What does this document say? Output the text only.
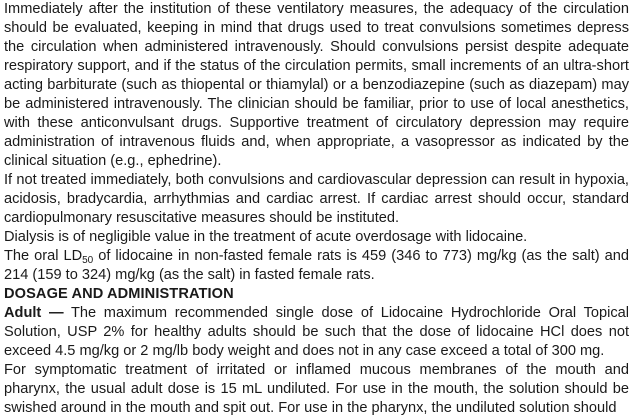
Immediately after the institution of these ventilatory measures, the adequacy of the circulation should be evaluated, keeping in mind that drugs used to treat convulsions sometimes depress the circulation when administered intravenously. Should convulsions persist despite adequate respiratory support, and if the status of the circulation permits, small increments of an ultra-short acting barbiturate (such as thiopental or thiamylal) or a benzodiazepine (such as diazepam) may be administered intravenously. The clinician should be familiar, prior to use of local anesthetics, with these anticonvulsant drugs. Supportive treatment of circulatory depression may require administration of intravenous fluids and, when appropriate, a vasopressor as indicated by the clinical situation (e.g., ephedrine).

If not treated immediately, both convulsions and cardiovascular depression can result in hypoxia, acidosis, bradycardia, arrhythmias and cardiac arrest. If cardiac arrest should occur, standard cardiopulmonary resuscitative measures should be instituted.

Dialysis is of negligible value in the treatment of acute overdosage with lidocaine.

The oral $LD_{50}$ of lidocaine in non-fasted female rats is 459 (346 to 773) mg/kg (as the salt) and 214 (159 to 324) mg/kg (as the salt) in fasted female rats.

DOSAGE AND ADMINISTRATION

Adult — The maximum recommended single dose of Lidocaine Hydrochloride Oral Topical Solution, USP 2% for healthy adults should be such that the dose of lidocaine HCl does not exceed 4.5 mg/kg or 2 mg/lb body weight and does not in any case exceed a total of 300 mg.

For symptomatic treatment of irritated or inflamed mucous membranes of the mouth and pharynx, the usual adult dose is 15 mL undiluted. For use in the mouth, the solution should be swished around in the mouth and spit out. For use in the pharynx, the undiluted solution should
